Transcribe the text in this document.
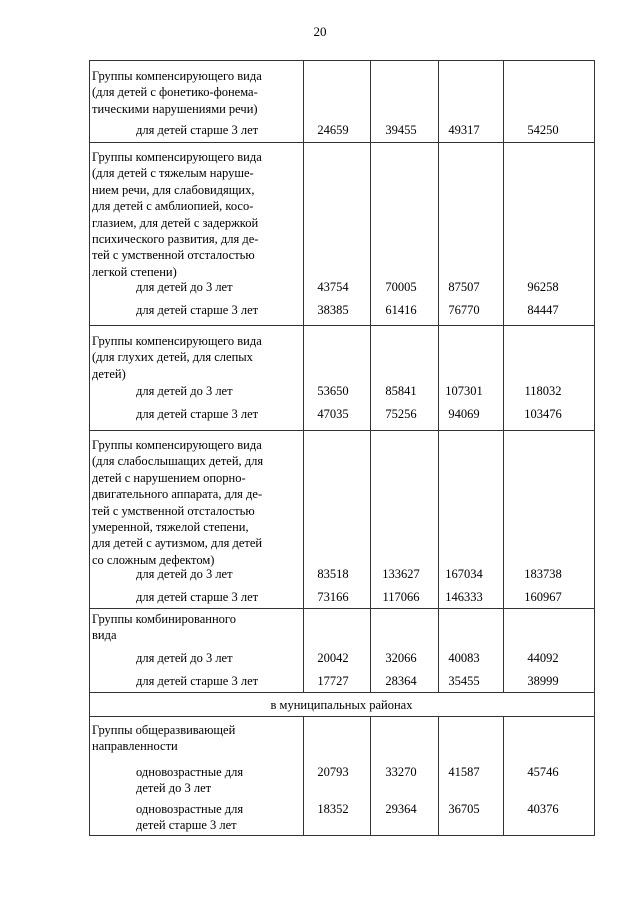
20
Группы компенсирующего вида
(для детей с фонетико-фонема-
тическими нарушениями речи)
для детей старше 3 лет	24659	39455	49317	54250
Группы компенсирующего вида
(для детей с тяжелым наруше-
нием речи, для слабовидящих,
для детей с амблиопией, косо-
глазием, для детей с задержкой
психического развития, для де-
тей с умственной отсталостью
легкой степени)
для детей до 3 лет	43754	70005	87507	96258
для детей старше 3 лет	38385	61416	76770	84447
Группы компенсирующего вида
(для глухих детей, для слепых
детей)
для детей до 3 лет	53650	85841	107301	118032
для детей старше 3 лет	47035	75256	94069	103476
Группы компенсирующего вида
(для слабослышащих детей, для
детей с нарушением опорно-
двигательного аппарата, для де-
тей с умственной отсталостью
умеренной, тяжелой степени,
для детей с аутизмом, для детей
со сложным дефектом)
для детей до 3 лет	83518	133627	167034	183738
для детей старше 3 лет	73166	117066	146333	160967
Группы комбинированного
вида
для детей до 3 лет	20042	32066	40083	44092
для детей старше 3 лет	17727	28364	35455	38999
в муниципальных районах
Группы общеразвивающей
направленности
одновозрастные для
детей до 3 лет
20793	33270	41587	45746
одновозрастные для
детей старше 3 лет
18352	29364	36705	40376
